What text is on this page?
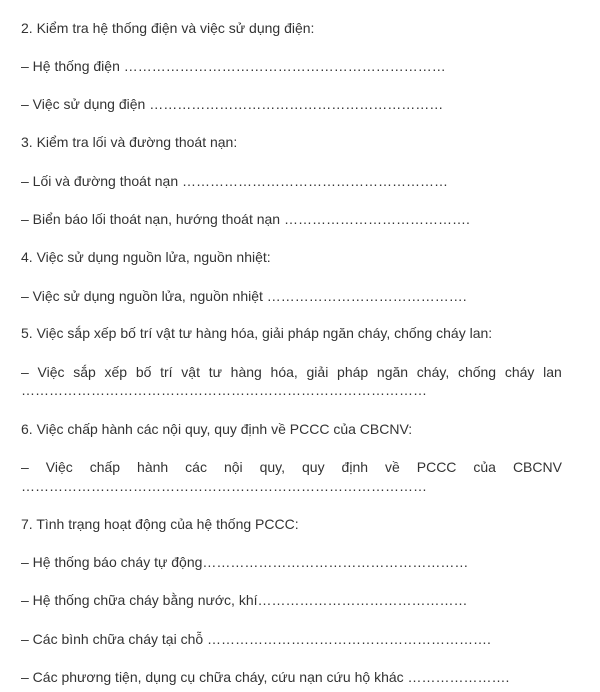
2. Kiểm tra hệ thống điện và việc sử dụng điện:
– Hệ thống điện ……………………………………………………………
– Việc sử dụng điện ………………………………………………………
3. Kiểm tra lối và đường thoát nạn:
– Lối và đường thoát nạn …………………………………………………
– Biển báo lối thoát nạn, hướng thoát nạn ………………………………….
4. Việc sử dụng nguồn lửa, nguồn nhiệt:
– Việc sử dụng nguồn lửa, nguồn nhiệt …………………………………….
5. Việc sắp xếp bố trí vật tư hàng hóa, giải pháp ngăn cháy, chống cháy lan:
– Việc sắp xếp bố trí vật tư hàng hóa, giải pháp ngăn cháy, chống cháy lan
……………………………………………………………………………
6. Việc chấp hành các nội quy, quy định về PCCC của CBCNV:
– Việc chấp hành các nội quy, quy định về PCCC của CBCNV
……………………………………………………………………………
7. Tình trạng hoạt động của hệ thống PCCC:
– Hệ thống báo cháy tự động…………………………………………………
– Hệ thống chữa cháy bằng nước, khí………………………………………
– Các bình chữa cháy tại chỗ …………………………………………………….
– Các phương tiện, dụng cụ chữa cháy, cứu nạn cứu hộ khác ………………….
